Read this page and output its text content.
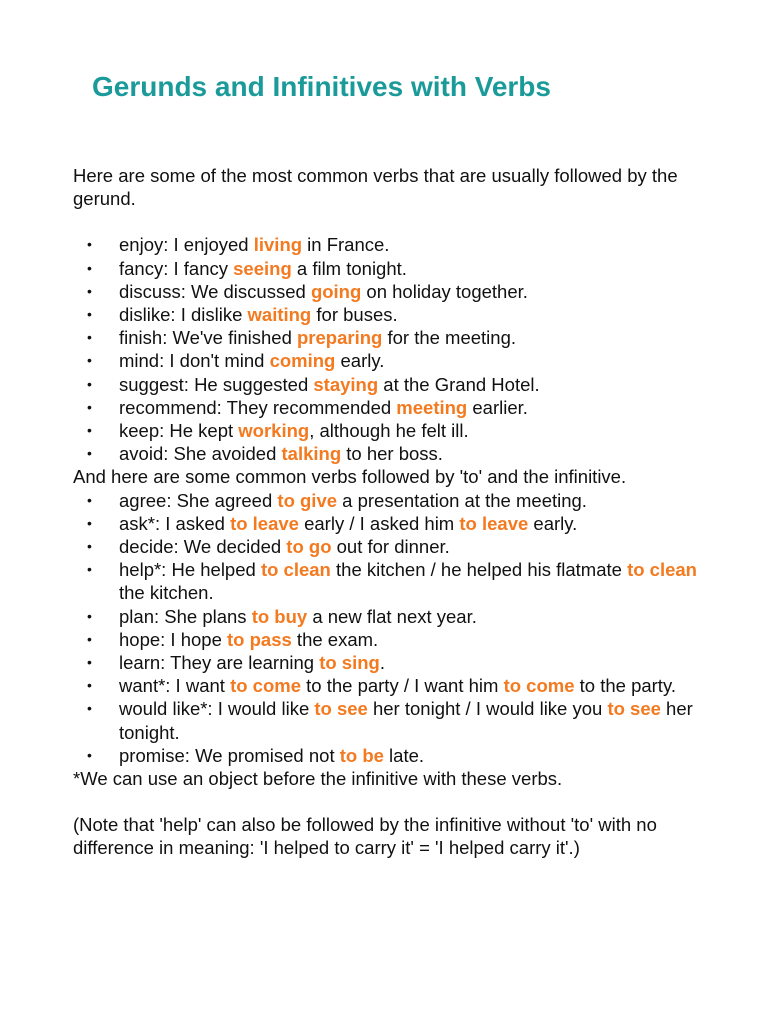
Gerunds and Infinitives with Verbs

Here are some of the most common verbs that are usually followed by the gerund.

• enjoy: I enjoyed living in France.
• fancy: I fancy seeing a film tonight.
• discuss: We discussed going on holiday together.
• dislike: I dislike waiting for buses.
• finish: We've finished preparing for the meeting.
• mind: I don't mind coming early.
• suggest: He suggested staying at the Grand Hotel.
• recommend: They recommended meeting earlier.
• keep: He kept working, although he felt ill.
• avoid: She avoided talking to her boss.

And here are some common verbs followed by 'to' and the infinitive.

• agree: She agreed to give a presentation at the meeting.
• ask*: I asked to leave early / I asked him to leave early.
• decide: We decided to go out for dinner.
• help*: He helped to clean the kitchen / he helped his flatmate to clean the kitchen.
• plan: She plans to buy a new flat next year.
• hope: I hope to pass the exam.
• learn: They are learning to sing.
• want*: I want to come to the party / I want him to come to the party.
• would like*: I would like to see her tonight / I would like you to see her tonight.
• promise: We promised not to be late.

*We can use an object before the infinitive with these verbs.

(Note that 'help' can also be followed by the infinitive without 'to' with no difference in meaning: 'I helped to carry it' = 'I helped carry it'.)
